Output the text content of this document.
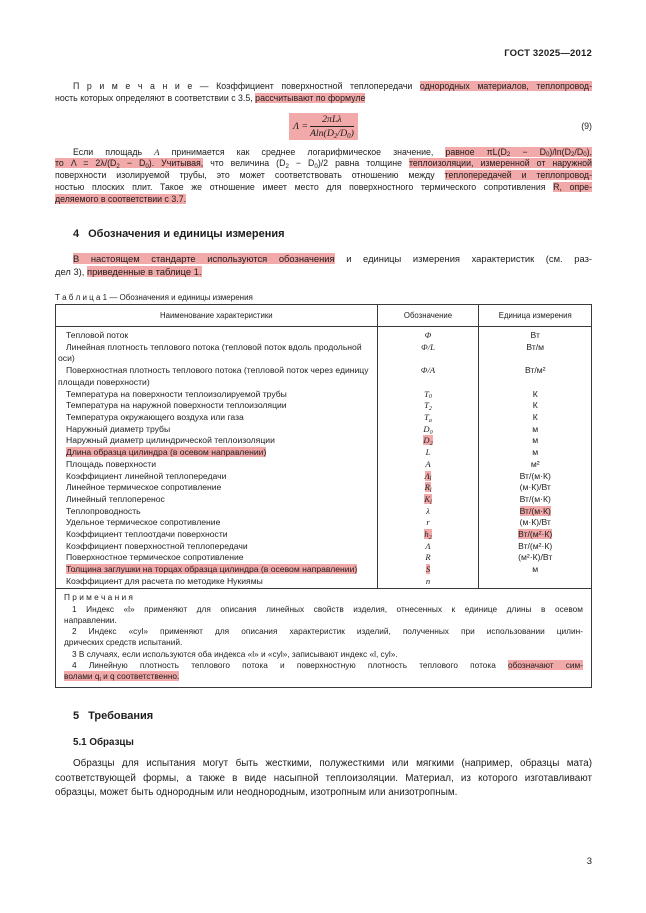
ГОСТ 32025—2012
П р и м е ч а н и е — Коэффициент поверхностной теплопередачи однородных материалов, теплопровод-
ность которых определяют в соответствии с 3.5, рассчитывают по формуле
$\Lambda = \frac{\text{2πLλ}}{Aln(D_2/D_0)}$	(9)
Если площадь A принимается как среднее логарифмическое значение, равное $\pi L(D_2 - D_0)/\ln(D_2/D_0)$,
то $\Lambda = 2\lambda/(D_2 - D_0)$. Учитывая, что величина $(D_2 - D_0)/2$ равна толщине теплоизоляции, измеренной от наружной
поверхности изолируемой трубы, это может соответствовать отношению между теплопередачей и теплопровод-
ностью плоских плит. Такое же отношение имеет место для поверхностного термического сопротивления R, опре-
деляемого в соответствии с 3.7.
4 Обозначения и единицы измерения
В настоящем стандарте используются обозначения и единицы измерения характеристик (см. раз-
дел 3), приведенные в таблице 1.
Т а б л и ц а 1 — Обозначения и единицы измерения
Наименование характеристики	Обозначение	Единица измерения
Тепловой поток	Φ	Вт
Линейная плотность теплового потока (тепловой поток вдоль продольной оси)	Φ/L	Вт/м
Поверхностная плотность теплового потока (тепловой поток через единицу площади поверхности)	Φ/A	Вт/м²
Температура на поверхности теплоизолируемой трубы	$T_0$	К
Температура на наружной поверхности теплоизоляции	$T_2$	К
Температура окружающего воздуха или газа	$T_a$	К
Наружный диаметр трубы	$D_0$	м
Наружный диаметр цилиндрической теплоизоляции	$D_2$	м
Длина образца цилиндра (в осевом направлении)	L	м
Площадь поверхности	A	м²
Коэффициент линейной теплопередачи	$\Lambda_l$	Вт/(м·К)
Линейное термическое сопротивление	$R_l$	(м·К)/Вт
Линейный теплоперенос	$K_l$	Вт/(м·К)
Теплопроводность	λ	Вт/(м·К)
Удельное термическое сопротивление	r	(м·К)/Вт
Коэффициент теплоотдачи поверхности	$h_2$	Вт/(м²·К)
Коэффициент поверхностной теплопередачи	Λ	Вт/(м²·К)
Поверхностное термическое сопротивление	R	(м²·К)/Вт
Толщина заглушки на торцах образца цилиндра (в осевом направлении)	S	м
Коэффициент для расчета по методике Нукиямы	n	

П р и м е ч а н и я
1 Индекс «l» применяют для описания линейных свойств изделия, отнесенных к единице длины в осевом
направлении.
2 Индекс «cyl» применяют для описания характеристик изделий, полученных при использовании цилин-
дрических средств испытаний.
3 В случаях, если используются оба индекса «l» и «cyl», записывают индекс «l, cyl».
4 Линейную плотность теплового потока и поверхностную плотность теплового потока обозначают сим-
волами $q_l$ и q соответственно.
5 Требования
5.1 Образцы
Образцы для испытания могут быть жесткими, полужесткими или мягкими (например, образцы мата)
соответствующей формы, а также в виде насыпной теплоизоляции. Материал, из которого изготавливают
образцы, может быть однородным или неоднородным, изотропным или анизотропным.
3
